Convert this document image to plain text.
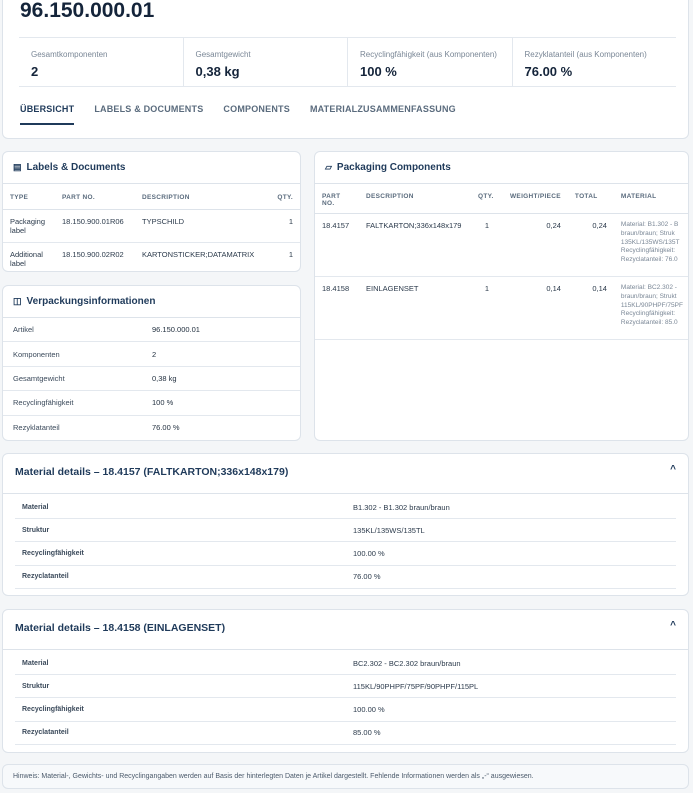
96.150.000.01
Gesamtkomponenten
2
Gesamtgewicht
0,38 kg
Recyclingfähigkeit (aus Komponenten)
100 %
Rezyklatanteil (aus Komponenten)
76.00 %
ÜBERSICHT LABELS & DOCUMENTS COMPONENTS MATERIALZUSAMMENFASSUNG
▤ Labels & Documents
TYPE	PART NO.	DESCRIPTION	QTY.
Packaging label	18.150.900.01R06	TYPSCHILD	1
Additional label	18.150.900.02R02	KARTONSTICKER;DATAMATRIX	1
◫ Verpackungsinformationen
Artikel	96.150.000.01
Komponenten	2
Gesamtgewicht	0,38 kg
Recyclingfähigkeit	100 %
Rezyklatanteil	76.00 %
▱ Packaging Components
PART NO.	DESCRIPTION	QTY.	WEIGHT/PIECE	TOTAL	MATERIAL
18.4157	FALTKARTON;336x148x179	1	0,24	0,24	Material: B1.302 - B
braun/braun; Struk
135KL/135WS/135T
Recyclingfähigkeit:
Rezyclatanteil: 76.0

18.4158	EINLAGENSET	1	0,14	0,14	Material: BC2.302 -
braun/braun; Strukt
115KL/90PHPF/75PF
Recyclingfähigkeit:
Rezyclatanteil: 85.0
Material details – 18.4157 (FALTKARTON;336x148x179)	^
Material	B1.302 - B1.302 braun/braun
Struktur	135KL/135WS/135TL
Recyclingfähigkeit	100.00 %
Rezyclatanteil	76.00 %
Material details – 18.4158 (EINLAGENSET)	^
Material	BC2.302 - BC2.302 braun/braun
Struktur	115KL/90PHPF/75PF/90PHPF/115PL
Recyclingfähigkeit	100.00 %
Rezyclatanteil	85.00 %
Hinweis: Material-, Gewichts- und Recyclingangaben werden auf Basis der hinterlegten Daten je Artikel dargestellt. Fehlende Informationen werden als „-“ ausgewiesen.
